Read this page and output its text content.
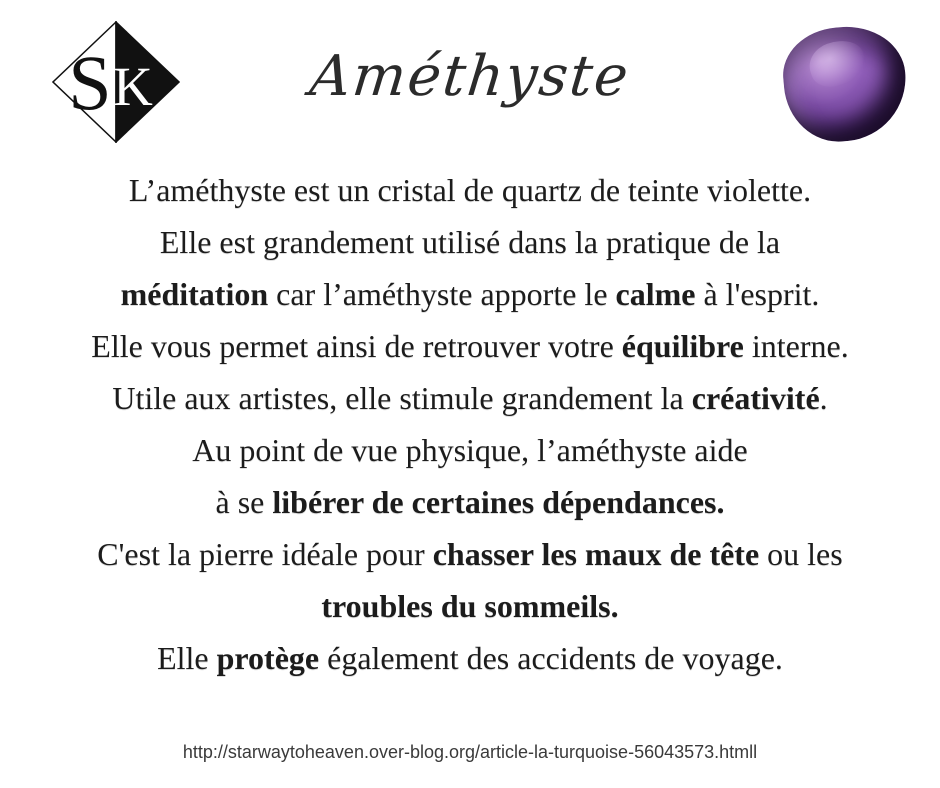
S K	Améthyste
L’améthyste est un cristal de quartz de teinte violette.
Elle est grandement utilisé dans la pratique de la
méditation car l’améthyste apporte le calme à l'esprit.
Elle vous permet ainsi de retrouver votre équilibre interne.
Utile aux artistes, elle stimule grandement la créativité.
Au point de vue physique, l’améthyste aide
à se libérer de certaines dépendances.
C'est la pierre idéale pour chasser les maux de tête ou les
troubles du sommeils.
Elle protège également des accidents de voyage.
http://starwaytoheaven.over-blog.org/article-la-turquoise-56043573.htmll
